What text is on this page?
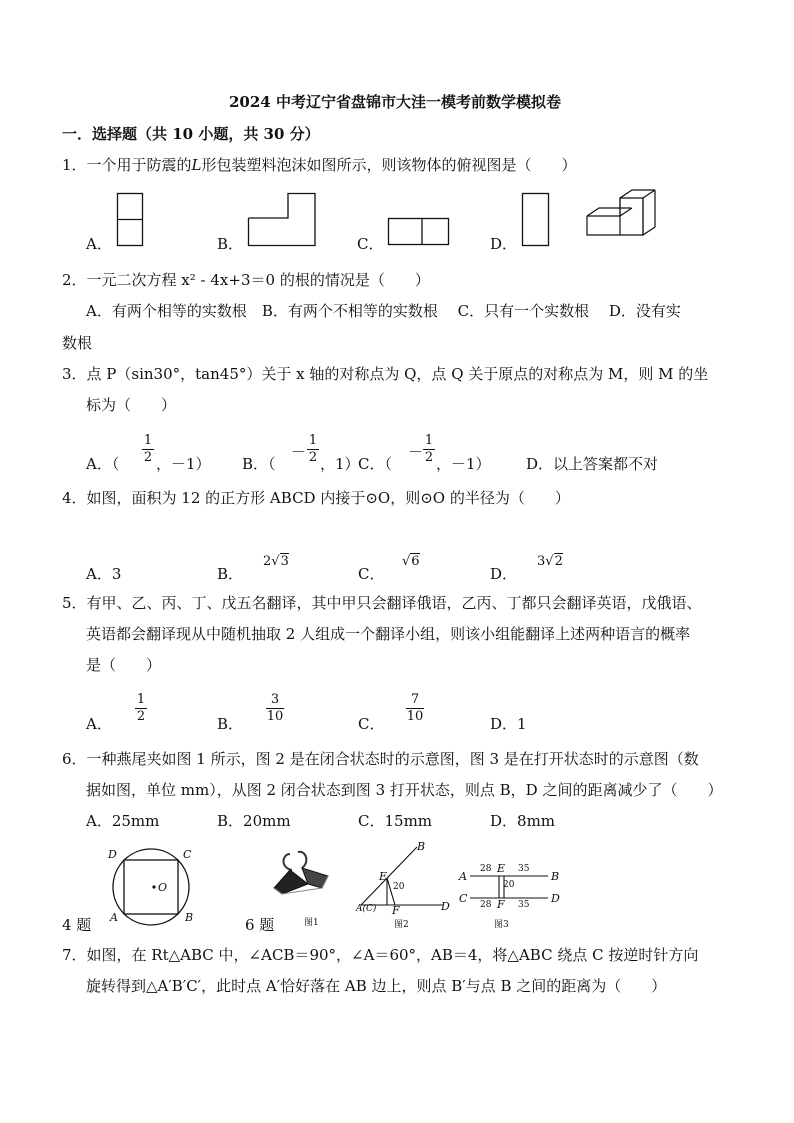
2024 中考辽宁省盘锦市大洼一模考前数学模拟卷
一．选择题（共 10 小题，共 30 分）
1．一个用于防震的L形包装塑料泡沫如图所示，则该物体的俯视图是（　　）
A．	B．	C．	D．
2．一元二次方程 x² - 4x+3＝0 的根的情况是（　　）
A．有两个相等的实数根　B．有两个不相等的实数根　 C．只有一个实数根　 D．没有实
数根
3．点 P（sin30°，tan45°）关于 x 轴的对称点为 Q，点 Q 关于原点的对称点为 M，则 M 的坐
标为（　　）
A．（
1
2 ，－1） B．（
－
1
2 ，1）
C．（
－
1
2 ，－1） D．以上答案都不对
4．如图，面积为 12 的正方形 ABCD 内接于⊙O，则⊙O 的半径为（　　）
A．3	B．
2√3
C．
√6
D．
3√2
5．有甲、乙、丙、丁、戊五名翻译，其中甲只会翻译俄语，乙丙、丁都只会翻译英语，戊俄语、
英语都会翻译现从中随机抽取 2 人组成一个翻译小组，则该小组能翻译上述两种语言的概率
是（　　）
A．
1
2	B．
3
10	C．
7
10	D．1
6．一种燕尾夹如图 1 所示，图 2 是在闭合状态时的示意图，图 3 是在打开状态时的示意图（数
据如图，单位 mm），从图 2 闭合状态到图 3 打开状态，则点 B，D 之间的距离减少了（　　）
A．25mm	B．20mm	C．15mm	D．8mm
D	C
O
A	B
4 题	6 题	图1
B
E
20
A(C) F	D
图2
28 E 35
A	B
20
C	D
28 F 35
图3
7．如图，在 Rt△ABC 中，∠ACB＝90°，∠A＝60°，AB＝4，将△ABC 绕点 C 按逆时针方向
旋转得到△A′B′C′，此时点 A′恰好落在 AB 边上，则点 B′与点 B 之间的距离为（　　）
